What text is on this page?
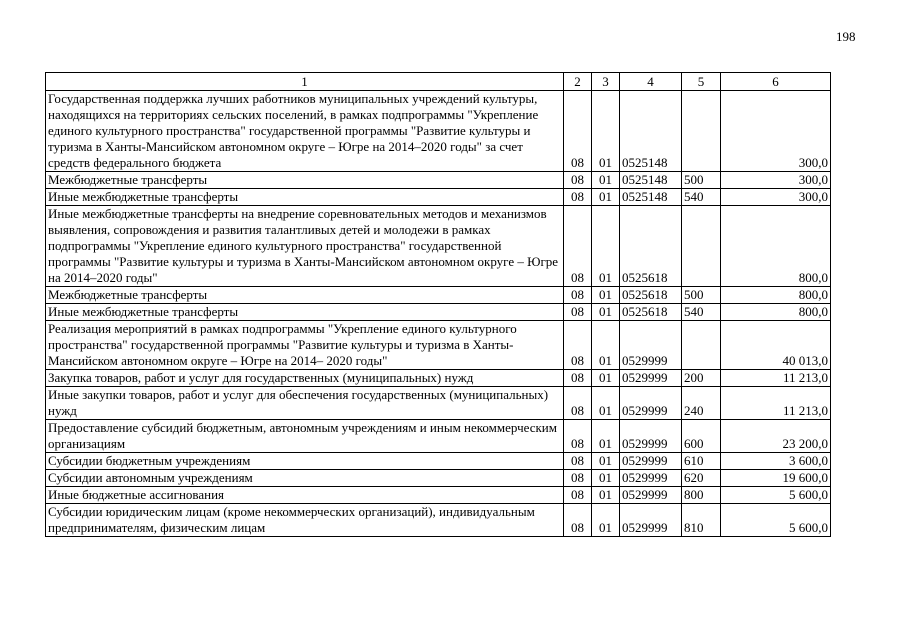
198
1	2	3	4	5	6
Государственная поддержка лучших работников муниципальных учреждений культуры, находящихся на территориях сельских поселений, в рамках подпрограммы "Укрепление единого культурного пространства" государственной программы "Развитие культуры и туризма в Ханты-Мансийском автономном округе – Югре на 2014–2020 годы" за счет средств федерального бюджета	08	01	0525148		300,0
Межбюджетные трансферты	08	01	0525148	500	300,0
Иные межбюджетные трансферты	08	01	0525148	540	300,0
Иные межбюджетные трансферты на внедрение соревновательных методов и механизмов выявления, сопровождения и развития талантливых детей и молодежи в рамках подпрограммы "Укрепление единого культурного пространства" государственной программы "Развитие культуры и туризма в Ханты-Мансийском автономном округе – Югре на 2014–2020 годы"	08	01	0525618		800,0
Межбюджетные трансферты	08	01	0525618	500	800,0
Иные межбюджетные трансферты	08	01	0525618	540	800,0
Реализация мероприятий в рамках подпрограммы "Укрепление единого культурного пространства" государственной программы "Развитие культуры и туризма в Ханты-Мансийском автономном округе – Югре на 2014– 2020 годы"	08	01	0529999		40 013,0
Закупка товаров, работ и услуг для государственных (муниципальных) нужд	08	01	0529999	200	11 213,0
Иные закупки товаров, работ и услуг для обеспечения государственных (муниципальных) нужд	08	01	0529999	240	11 213,0
Предоставление субсидий бюджетным, автономным учреждениям и иным некоммерческим организациям	08	01	0529999	600	23 200,0
Субсидии бюджетным учреждениям	08	01	0529999	610	3 600,0
Субсидии автономным учреждениям	08	01	0529999	620	19 600,0
Иные бюджетные ассигнования	08	01	0529999	800	5 600,0
Субсидии юридическим лицам (кроме некоммерческих организаций), индивидуальным предпринимателям, физическим лицам	08	01	0529999	810	5 600,0
